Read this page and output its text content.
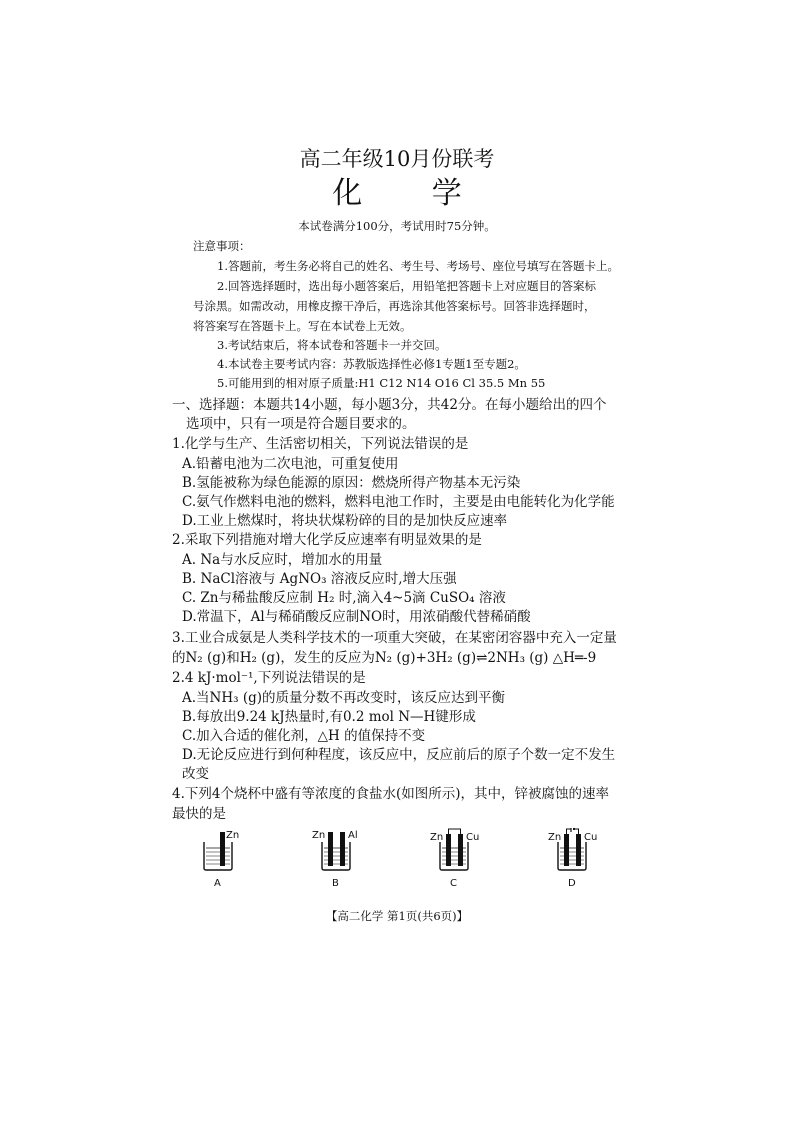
高二年级10月份联考
化 学
本试卷满分100分，考试用时75分钟。
注意事项：
1.答题前，考生务必将自己的姓名、考生号、考场号、座位号填写在答题卡上。
2.回答选择题时，选出每小题答案后，用铅笔把答题卡上对应题目的答案标
号涂黑。如需改动，用橡皮擦干净后，再选涂其他答案标号。回答非选择题时，
将答案写在答题卡上。写在本试卷上无效。
3.考试结束后，将本试卷和答题卡一并交回。
4.本试卷主要考试内容：苏教版选择性必修1专题1至专题2。
5.可能用到的相对原子质量:H1 C12 N14 O16 Cl 35.5 Mn 55
一、选择题：本题共14小题，每小题3分，共42分。在每小题给出的四个
选项中，只有一项是符合题目要求的。
1.化学与生产、生活密切相关，下列说法错误的是
A.铅蓄电池为二次电池，可重复使用
B.氢能被称为绿色能源的原因：燃烧所得产物基本无污染
C.氨气作燃料电池的燃料，燃料电池工作时，主要是由电能转化为化学能
D.工业上燃煤时，将块状煤粉碎的目的是加快反应速率
2.采取下列措施对增大化学反应速率有明显效果的是
A. Na与水反应时，增加水的用量
B. NaCl溶液与 AgNO₃ 溶液反应时,增大压强
C. Zn与稀盐酸反应制 H₂ 时,滴入4~5滴 CuSO₄ 溶液
D.常温下，Al与稀硝酸反应制NO时，用浓硝酸代替稀硝酸
3.工业合成氨是人类科学技术的一项重大突破，在某密闭容器中充入一定量
的N₂ (g)和H₂ (g)，发生的反应为N₂ (g)+3H₂ (g)⇌2NH₃ (g) △H═-9
2.4 kJ·mol⁻¹,下列说法错误的是
A.当NH₃ (g)的质量分数不再改变时，该反应达到平衡
B.每放出9.24 kJ热量时,有0.2 mol N—H键形成
C.加入合适的催化剂，△H 的值保持不变
D.无论反应进行到何种程度，该反应中，反应前后的原子个数一定不发生
改变
4.下列4个烧杯中盛有等浓度的食盐水(如图所示)，其中，锌被腐蚀的速率
最快的是
Zn
A
Zn Al
B
Zn Cu
C
Zn Cu
D
【高二化学 第1页(共6页)】
